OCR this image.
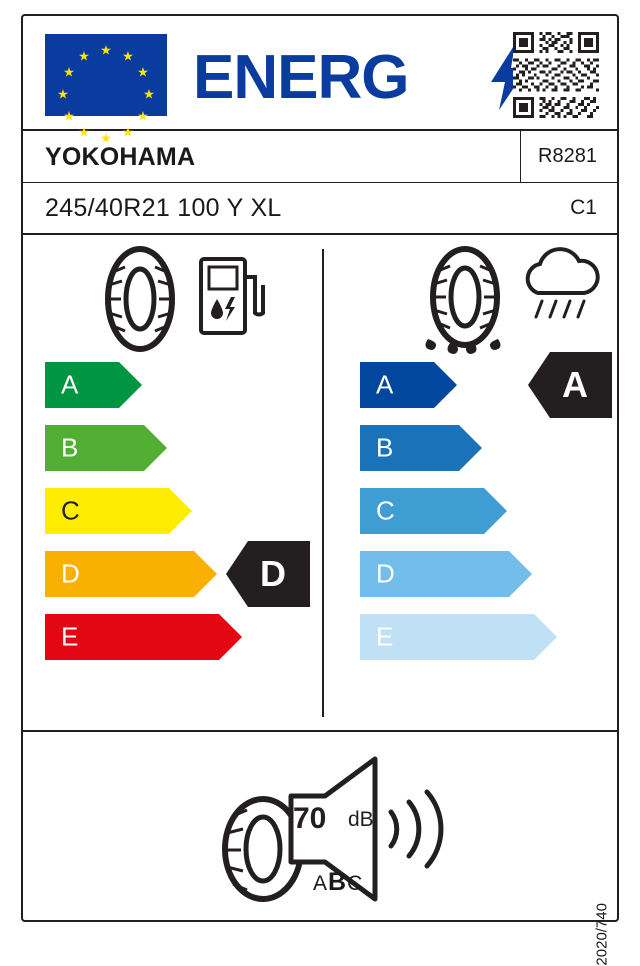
★ ★
★
★
★
★
★
★
★
★
★
★ ENERG
YOKOHAMA	R8281
245/40R21 100 Y XL	C1
A
B
C
D
E
D
A
B
C
D
E
A
70 dB
ABC
2020/740
